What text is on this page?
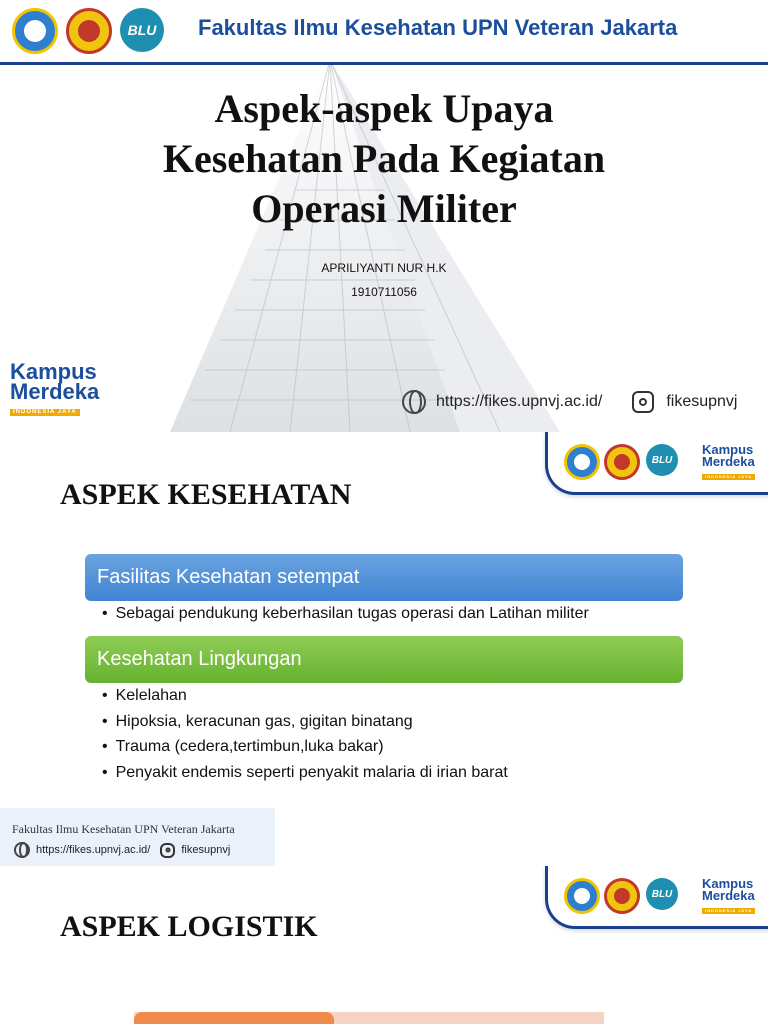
BLU	Fakultas Ilmu Kesehatan UPN Veteran Jakarta
Aspek-aspek Upaya
Kesehatan Pada Kegiatan
Operasi Militer
APRILIYANTI NUR H.K
1910711056
Kampus
Merdeka
INDONESIA JAYA
https://fikes.upnvj.ac.id/	fikesupnvj
BLU
Kampus
Merdeka
INDONESIA JAYA
ASPEK KESEHATAN
Fasilitas Kesehatan setempat
• Sebagai pendukung keberhasilan tugas operasi dan Latihan militer
Kesehatan Lingkungan
• Kelelahan
• Hipoksia, keracunan gas, gigitan binatang
• Trauma (cedera,tertimbun,luka bakar)
• Penyakit endemis seperti penyakit malaria di irian barat
Fakultas Ilmu Kesehatan UPN Veteran Jakarta
https://fikes.upnvj.ac.id/	fikesupnvj
BLU
Kampus
Merdeka
INDONESIA JAYA
ASPEK LOGISTIK
